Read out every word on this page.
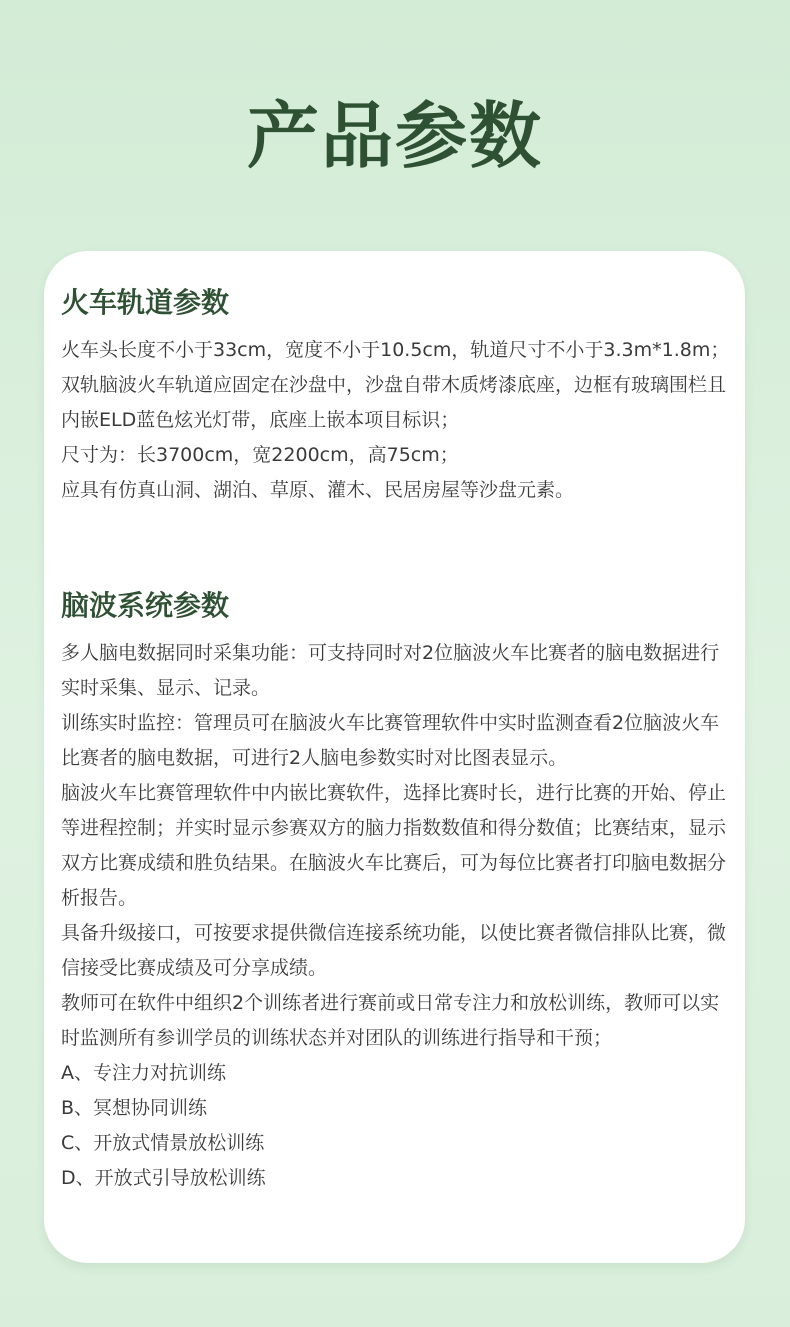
产品参数
火车轨道参数

火车头长度不小于33cm，宽度不小于10.5cm，轨道尺寸不小于3.3m*1.8m；

双轨脑波火车轨道应固定在沙盘中，沙盘自带木质烤漆底座，边框有玻璃围栏且内嵌ELD蓝色炫光灯带，底座上嵌本项目标识；

尺寸为：长3700cm，宽2200cm，高75cm；

应具有仿真山洞、湖泊、草原、灌木、民居房屋等沙盘元素。

脑波系统参数

多人脑电数据同时采集功能：可支持同时对2位脑波火车比赛者的脑电数据进行实时采集、显示、记录。

训练实时监控：管理员可在脑波火车比赛管理软件中实时监测查看2位脑波火车比赛者的脑电数据，可进行2人脑电参数实时对比图表显示。

脑波火车比赛管理软件中内嵌比赛软件，选择比赛时长，进行比赛的开始、停止等进程控制；并实时显示参赛双方的脑力指数数值和得分数值；比赛结束，显示双方比赛成绩和胜负结果。在脑波火车比赛后，可为每位比赛者打印脑电数据分析报告。

具备升级接口，可按要求提供微信连接系统功能，以使比赛者微信排队比赛，微信接受比赛成绩及可分享成绩。

教师可在软件中组织2个训练者进行赛前或日常专注力和放松训练，教师可以实时监测所有参训学员的训练状态并对团队的训练进行指导和干预；

A、专注力对抗训练

B、冥想协同训练

C、开放式情景放松训练

D、开放式引导放松训练
